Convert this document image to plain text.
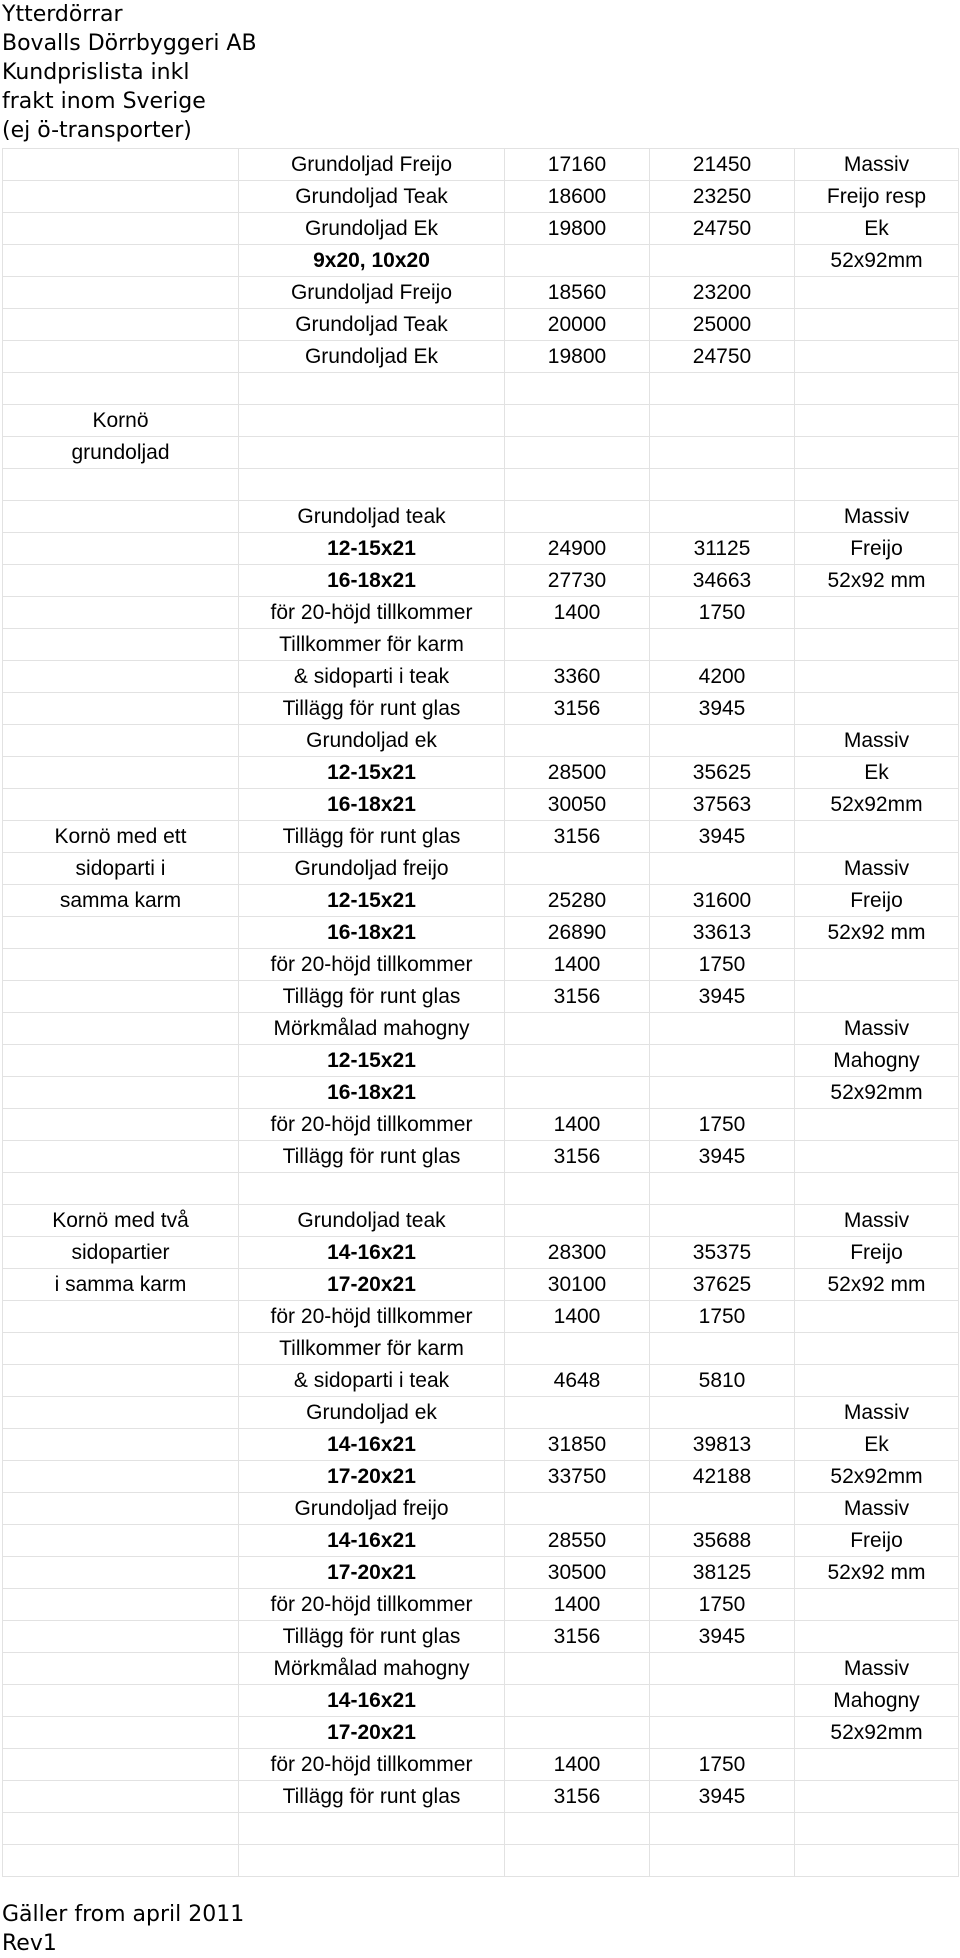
Ytterdörrar
Bovalls Dörrbyggeri AB
Kundprislista inkl
frakt inom Sverige
(ej ö-transporter)
	Grundoljad Freijo	17160	21450	Massiv
	Grundoljad Teak	18600	23250	Freijo resp
	Grundoljad Ek	19800	24750	Ek
	9x20, 10x20			52x92mm
	Grundoljad Freijo	18560	23200	
	Grundoljad Teak	20000	25000	
	Grundoljad Ek	19800	24750	

Kornö				
grundoljad				

	Grundoljad teak			Massiv
	12-15x21	24900	31125	Freijo
	16-18x21	27730	34663	52x92 mm
	för 20-höjd tillkommer	1400	1750	
	Tillkommer för karm			
	& sidoparti i teak	3360	4200	
	Tillägg för runt glas	3156	3945	
	Grundoljad ek			Massiv
	12-15x21	28500	35625	Ek
	16-18x21	30050	37563	52x92mm
Kornö med ett	Tillägg för runt glas	3156	3945	
sidoparti i	Grundoljad freijo			Massiv
samma karm	12-15x21	25280	31600	Freijo
	16-18x21	26890	33613	52x92 mm
	för 20-höjd tillkommer	1400	1750	
	Tillägg för runt glas	3156	3945	
	Mörkmålad mahogny			Massiv
	12-15x21			Mahogny
	16-18x21			52x92mm
	för 20-höjd tillkommer	1400	1750	
	Tillägg för runt glas	3156	3945	

Kornö med två	Grundoljad teak			Massiv
sidopartier	14-16x21	28300	35375	Freijo
i samma karm	17-20x21	30100	37625	52x92 mm
	för 20-höjd tillkommer	1400	1750	
	Tillkommer för karm			
	& sidoparti i teak	4648	5810	
	Grundoljad ek			Massiv
	14-16x21	31850	39813	Ek
	17-20x21	33750	42188	52x92mm
	Grundoljad freijo			Massiv
	14-16x21	28550	35688	Freijo
	17-20x21	30500	38125	52x92 mm
	för 20-höjd tillkommer	1400	1750	
	Tillägg för runt glas	3156	3945	
	Mörkmålad mahogny			Massiv
	14-16x21			Mahogny
	17-20x21			52x92mm
	för 20-höjd tillkommer	1400	1750	
	Tillägg för runt glas	3156	3945	

Gäller from april 2011
Rev1
